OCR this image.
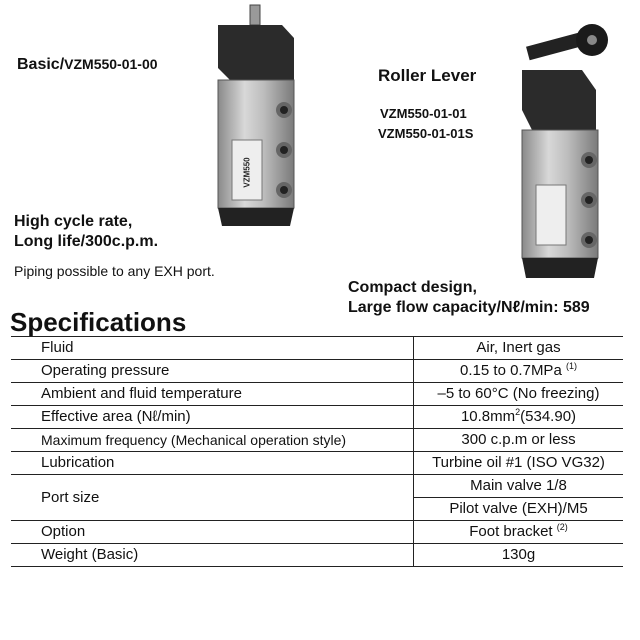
VZM550
Basic/VZM550-01-00
Roller Lever
VZM550-01-01
VZM550-01-01S
High cycle rate,
Long life/300c.p.m.
Piping possible to any EXH port.
Compact design,
Large flow capacity/Nℓ/min: 589
Specifications
Fluid	Air, Inert gas
Operating pressure	0.15 to 0.7MPa $^{(1)}$
Ambient and fluid temperature	–5 to 60°C (No freezing)
Effective area (Nℓ/min)	$10.8mm^2(534.90)$
Maximum frequency (Mechanical operation style)	300 c.p.m or less
Lubrication	Turbine oil #1 (ISO VG32)
Port size	Main valve 1/8
	Pilot valve (EXH)/M5
Option	Foot bracket $^{(2)}$
Weight (Basic)	130g
